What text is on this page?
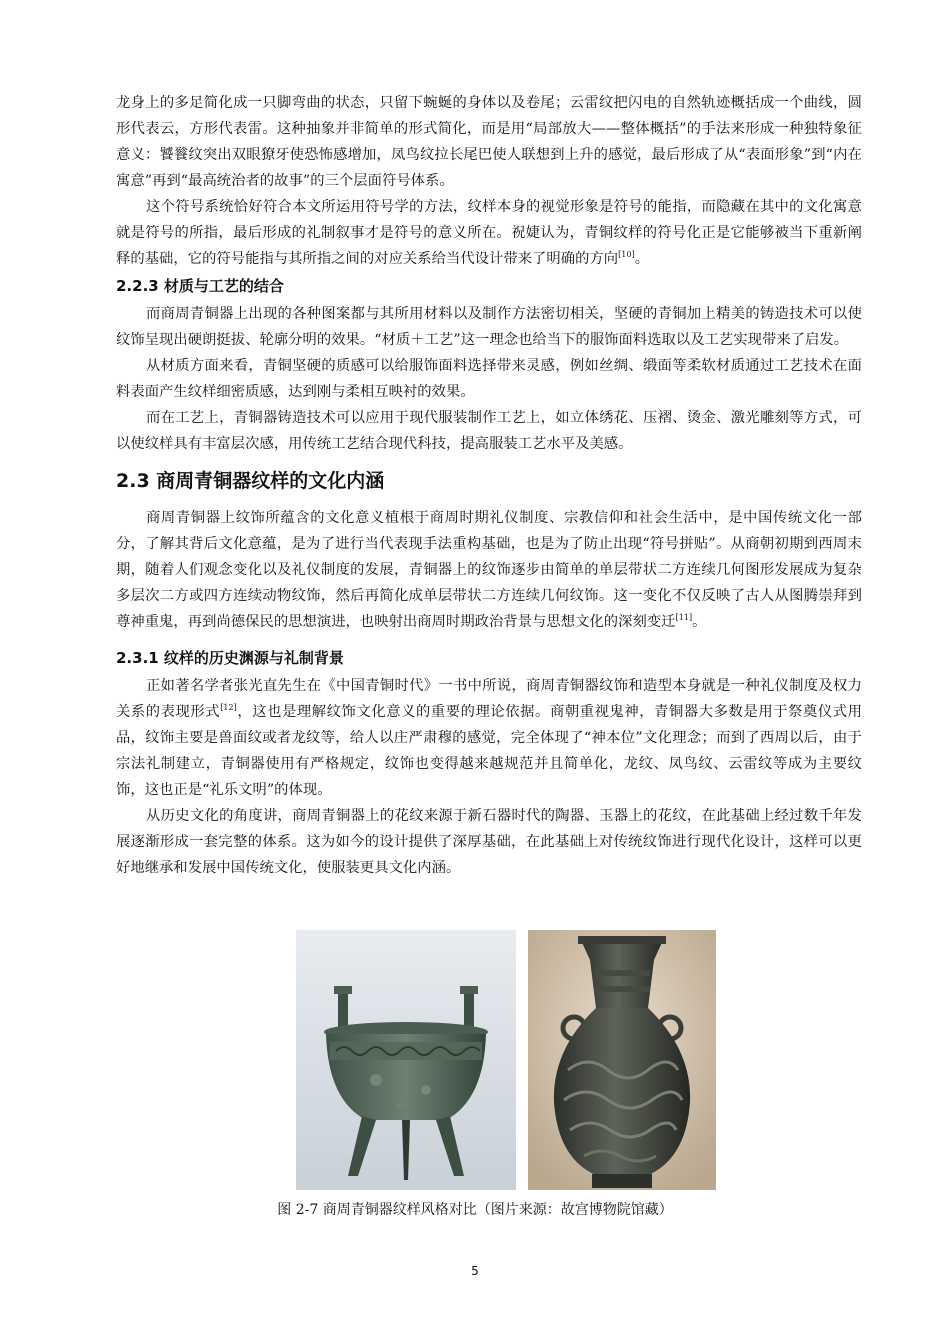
龙身上的多足简化成一只脚弯曲的状态，只留下蜿蜒的身体以及卷尾；云雷纹把闪电的自然轨迹概括成一个曲线，圆形代表云，方形代表雷。这种抽象并非简单的形式简化，而是用“局部放大——整体概括”的手法来形成一种独特象征意义：饕餮纹突出双眼獠牙使恐怖感增加，凤鸟纹拉长尾巴使人联想到上升的感觉，最后形成了从“表面形象”到“内在寓意”再到“最高统治者的故事”的三个层面符号体系。

这个符号系统恰好符合本文所运用符号学的方法，纹样本身的视觉形象是符号的能指，而隐藏在其中的文化寓意就是符号的所指，最后形成的礼制叙事才是符号的意义所在。祝婕认为，青铜纹样的符号化正是它能够被当下重新阐释的基础，它的符号能指与其所指之间的对应关系给当代设计带来了明确的方向[10]。

2.2.3 材质与工艺的结合

而商周青铜器上出现的各种图案都与其所用材料以及制作方法密切相关，坚硬的青铜加上精美的铸造技术可以使纹饰呈现出硬朗挺拔、轮廓分明的效果。“材质＋工艺”这一理念也给当下的服饰面料选取以及工艺实现带来了启发。

从材质方面来看，青铜坚硬的质感可以给服饰面料选择带来灵感，例如丝绸、缎面等柔软材质通过工艺技术在面料表面产生纹样细密质感，达到刚与柔相互映衬的效果。

而在工艺上，青铜器铸造技术可以应用于现代服装制作工艺上，如立体绣花、压褶、烫金、激光雕刻等方式，可以使纹样具有丰富层次感，用传统工艺结合现代科技，提高服装工艺水平及美感。

2.3 商周青铜器纹样的文化内涵

商周青铜器上纹饰所蕴含的文化意义植根于商周时期礼仪制度、宗教信仰和社会生活中，是中国传统文化一部分，了解其背后文化意蕴，是为了进行当代表现手法重构基础，也是为了防止出现“符号拼贴”。从商朝初期到西周末期，随着人们观念变化以及礼仪制度的发展，青铜器上的纹饰逐步由简单的单层带状二方连续几何图形发展成为复杂多层次二方或四方连续动物纹饰，然后再简化成单层带状二方连续几何纹饰。这一变化不仅反映了古人从图腾崇拜到尊神重鬼，再到尚德保民的思想演进，也映射出商周时期政治背景与思想文化的深刻变迁[11]。

2.3.1 纹样的历史渊源与礼制背景

正如著名学者张光直先生在《中国青铜时代》一书中所说，商周青铜器纹饰和造型本身就是一种礼仪制度及权力关系的表现形式[12]，这也是理解纹饰文化意义的重要的理论依据。商朝重视鬼神，青铜器大多数是用于祭奠仪式用品，纹饰主要是兽面纹或者龙纹等，给人以庄严肃穆的感觉，完全体现了“神本位”文化理念；而到了西周以后，由于宗法礼制建立，青铜器使用有严格规定，纹饰也变得越来越规范并且简单化，龙纹、凤鸟纹、云雷纹等成为主要纹饰，这也正是“礼乐文明”的体现。

从历史文化的角度讲，商周青铜器上的花纹来源于新石器时代的陶器、玉器上的花纹，在此基础上经过数千年发展逐渐形成一套完整的体系。这为如今的设计提供了深厚基础，在此基础上对传统纹饰进行现代化设计，这样可以更好地继承和发展中国传统文化，使服装更具文化内涵。

图 2-7 商周青铜器纹样风格对比（图片来源：故宫博物院馆藏）
5
